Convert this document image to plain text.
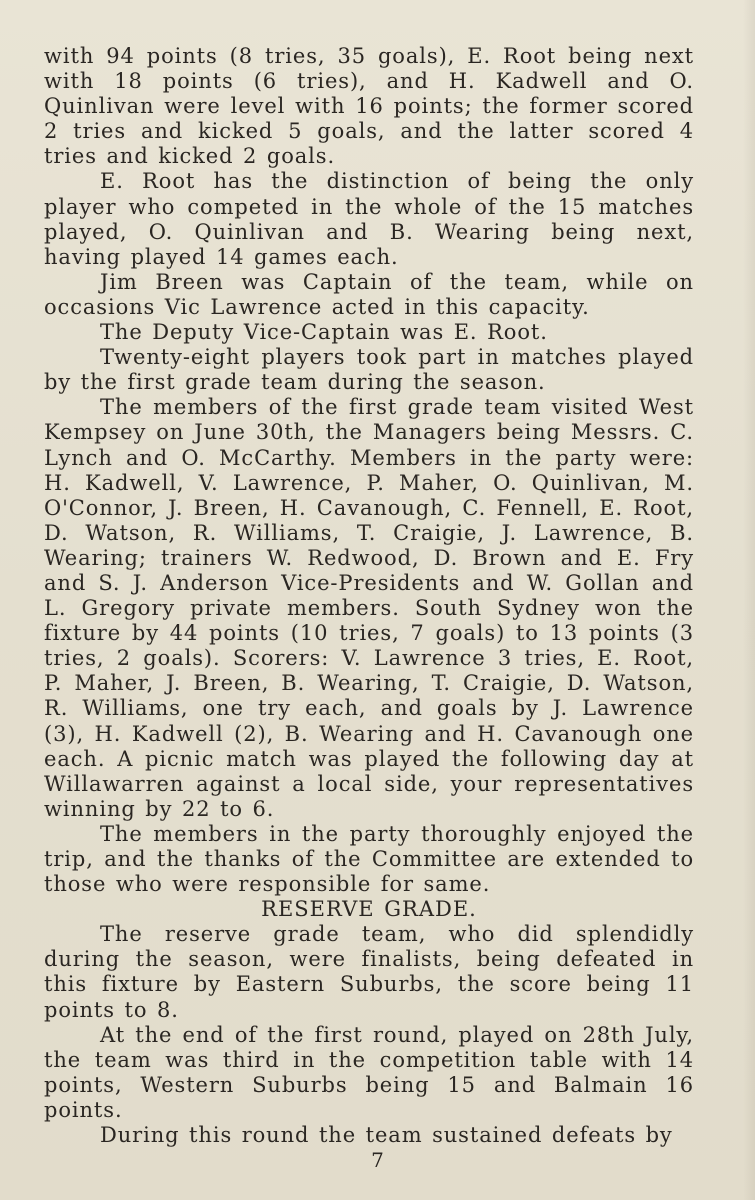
with 94 points (8 tries, 35 goals), E. Root being next with 18 points (6 tries), and H. Kadwell and O. Quinlivan were level with 16 points; the former scored 2 tries and kicked 5 goals, and the latter scored 4 tries and kicked 2 goals.

E. Root has the distinction of being the only player who competed in the whole of the 15 matches played, O. Quinlivan and B. Wearing being next, having played 14 games each.

Jim Breen was Captain of the team, while on occasions Vic Lawrence acted in this capacity.

The Deputy Vice-Captain was E. Root.

Twenty-eight players took part in matches played by the first grade team during the season.

The members of the first grade team visited West Kempsey on June 30th, the Managers being Messrs. C. Lynch and O. McCarthy. Members in the party were: H. Kadwell, V. Lawrence, P. Maher, O. Quinlivan, M. O'Connor, J. Breen, H. Cavanough, C. Fennell, E. Root, D. Watson, R. Williams, T. Craigie, J. Lawrence, B. Wearing; trainers W. Redwood, D. Brown and E. Fry and S. J. Anderson Vice-Presidents and W. Gollan and L. Gregory private members. South Sydney won the fixture by 44 points (10 tries, 7 goals) to 13 points (3 tries, 2 goals). Scorers: V. Lawrence 3 tries, E. Root, P. Maher, J. Breen, B. Wearing, T. Craigie, D. Watson, R. Williams, one try each, and goals by J. Lawrence (3), H. Kadwell (2), B. Wearing and H. Cavanough one each. A picnic match was played the following day at Willawarren against a local side, your representatives winning by 22 to 6.

The members in the party thoroughly enjoyed the trip, and the thanks of the Committee are extended to those who were responsible for same.

RESERVE GRADE.

The reserve grade team, who did splendidly during the season, were finalists, being defeated in this fixture by Eastern Suburbs, the score being 11 points to 8.

At the end of the first round, played on 28th July, the team was third in the competition table with 14 points, Western Suburbs being 15 and Balmain 16 points.

During this round the team sustained defeats by

7
